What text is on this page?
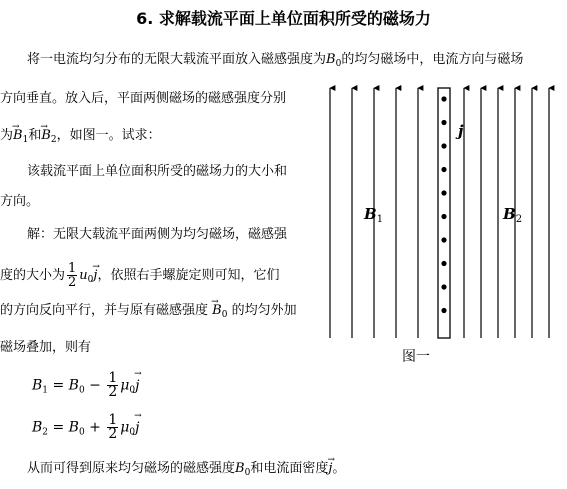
6. 求解载流平面上单位面积所受的磁场力
将一电流均匀分布的无限大载流平面放入磁感强度为$B_0$的均匀磁场中，电流方向与磁场
方向垂直。放入后，平面两侧磁场的磁感强度分别
为→ $B_1$和→ $B_2$，如图一。试求：
该载流平面上单位面积所受的磁场力的大小和
方向。
解：无限大载流平面两侧为均匀磁场，磁感强
度的大小为 $\frac{1}{2} u_0\to j$，依照右手螺旋定则可知，它们
的方向反向平行，并与原有磁感强度 → $B_0$ 的均匀外加
磁场叠加，则有
$B_1 = B_0 - \frac{1}{2} \mu_0\to j$
$B_2 = B_0 + \frac{1}{2} \mu_0\to j$
从而可得到原来均匀磁场的磁感强度$B_0$和电流面密度→ j。
$B_1$	$B_2$
j
图一
